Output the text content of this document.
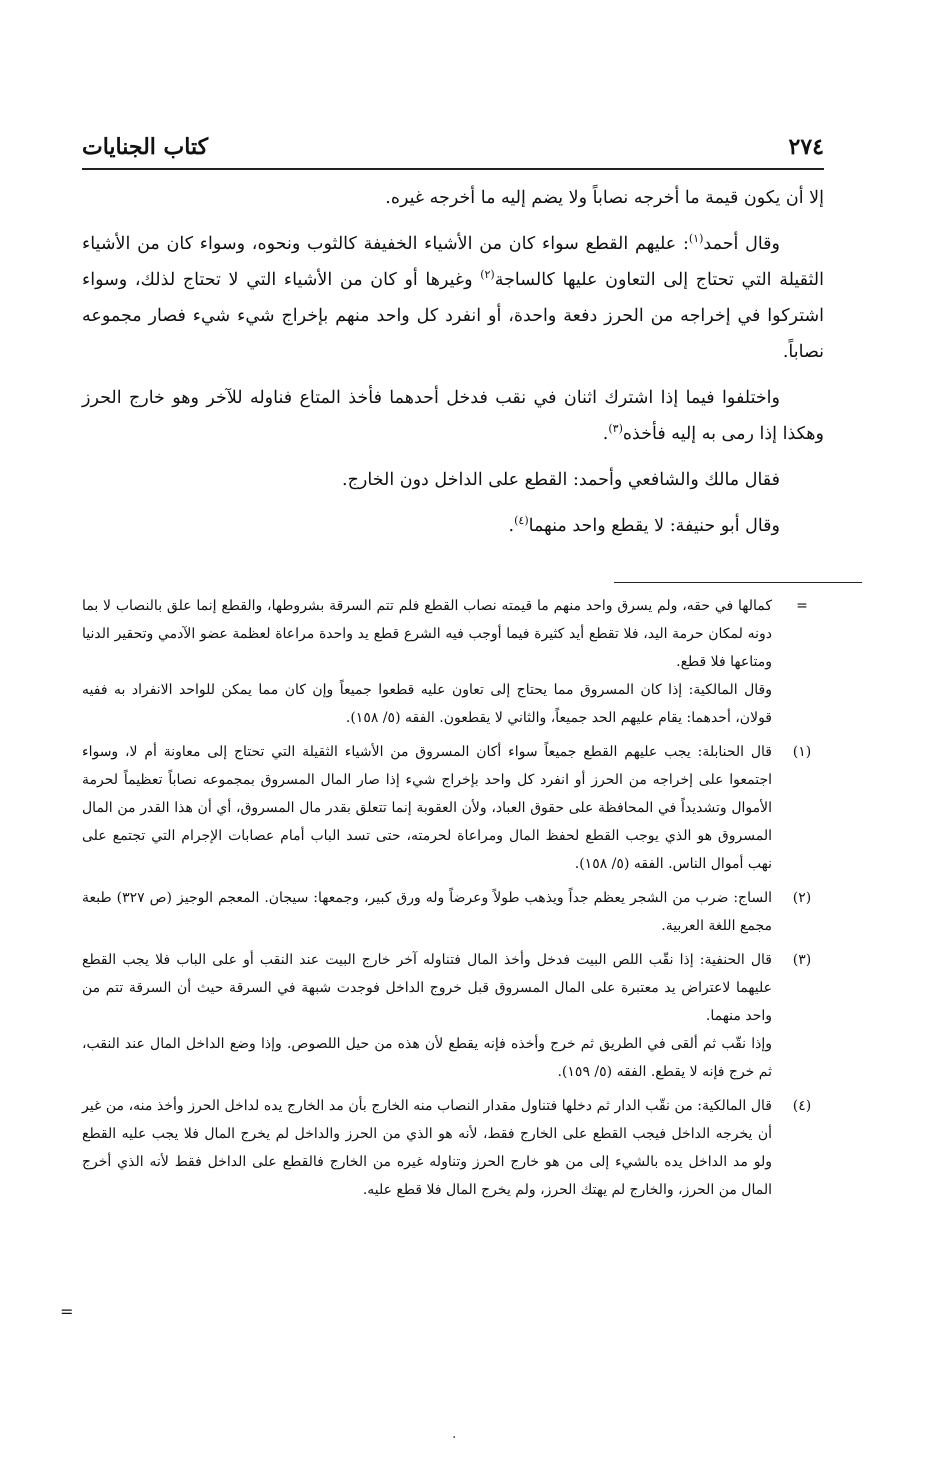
٢٧٤
كتاب الجنايات

إلا أن يكون قيمة ما أخرجه نصاباً ولا يضم إليه ما أخرجه غيره.

وقال أحمد$^{(١)}$: عليهم القطع سواء كان من الأشياء الخفيفة كالثوب ونحوه، وسواء كان من الأشياء الثقيلة التي تحتاج إلى التعاون عليها كالساجة$^{(٢)}$ وغيرها أو كان من الأشياء التي لا تحتاج لذلك، وسواء اشتركوا في إخراجه من الحرز دفعة واحدة، أو انفرد كل واحد منهم بإخراج شيء شيء فصار مجموعه نصاباً.

واختلفوا فيما إذا اشترك اثنان في نقب فدخل أحدهما فأخذ المتاع فناوله للآخر وهو خارج الحرز وهكذا إذا رمى به إليه فأخذه$^{(٣)}$.

فقال مالك والشافعي وأحمد: القطع على الداخل دون الخارج.

وقال أبو حنيفة: لا يقطع واحد منهما$^{(٤)}$.

=

كمالها في حقه، ولم يسرق واحد منهم ما قيمته نصاب القطع فلم تتم السرقة بشروطها، والقطع إنما علق بالنصاب لا بما دونه لمكان حرمة اليد، فلا تقطع أيد كثيرة فيما أوجب فيه الشرع قطع يد واحدة مراعاة لعظمة عضو الآدمي وتحقير الدنيا ومتاعها فلا قطع.

وقال المالكية: إذا كان المسروق مما يحتاج إلى تعاون عليه قطعوا جميعاً وإن كان مما يمكن للواحد الانفراد به ففيه قولان، أحدهما: يقام عليهم الحد جميعاً، والثاني لا يقطعون. الفقه (٥/ ١٥٨).

(١)

قال الحنابلة: يجب عليهم القطع جميعاً سواء أكان المسروق من الأشياء الثقيلة التي تحتاج إلى معاونة أم لا، وسواء اجتمعوا على إخراجه من الحرز أو انفرد كل واحد بإخراج شيء إذا صار المال المسروق بمجموعه نصاباً تعظيماً لحرمة الأموال وتشديداً في المحافظة على حقوق العباد، ولأن العقوبة إنما تتعلق بقدر مال المسروق، أي أن هذا القدر من المال المسروق هو الذي يوجب القطع لحفظ المال ومراعاة لحرمته، حتى تسد الباب أمام عصابات الإجرام التي تجتمع على نهب أموال الناس. الفقه (٥/ ١٥٨).

(٢)

الساج: ضرب من الشجر يعظم جداً ويذهب طولاً وعرضاً وله ورق كبير، وجمعها: سيجان. المعجم الوجيز (ص ٣٢٧) طبعة مجمع اللغة العربية.

(٣)

قال الحنفية: إذا نقّب اللص البيت فدخل وأخذ المال فتناوله آخر خارج البيت عند النقب أو على الباب فلا يجب القطع عليهما لاعتراض يد معتبرة على المال المسروق قبل خروج الداخل فوجدت شبهة في السرقة حيث أن السرقة تتم من واحد منهما.

وإذا نقّب ثم ألقى في الطريق ثم خرج وأخذه فإنه يقطع لأن هذه من حيل اللصوص. وإذا وضع الداخل المال عند النقب، ثم خرج فإنه لا يقطع. الفقه (٥/ ١٥٩).

(٤)

قال المالكية: من نقّب الدار ثم دخلها فتناول مقدار النصاب منه الخارج بأن مد الخارج يده لداخل الحرز وأخذ منه، من غير أن يخرجه الداخل فيجب القطع على الخارج فقط، لأنه هو الذي من الحرز والداخل لم يخرج المال فلا يجب عليه القطع ولو مد الداخل يده بالشيء إلى من هو خارج الحرز وتناوله غيره من الخارج فالقطع على الداخل فقط لأنه الذي أخرج المال من الحرز، والخارج لم يهتك الحرز، ولم يخرج المال فلا قطع عليه.

=
.
